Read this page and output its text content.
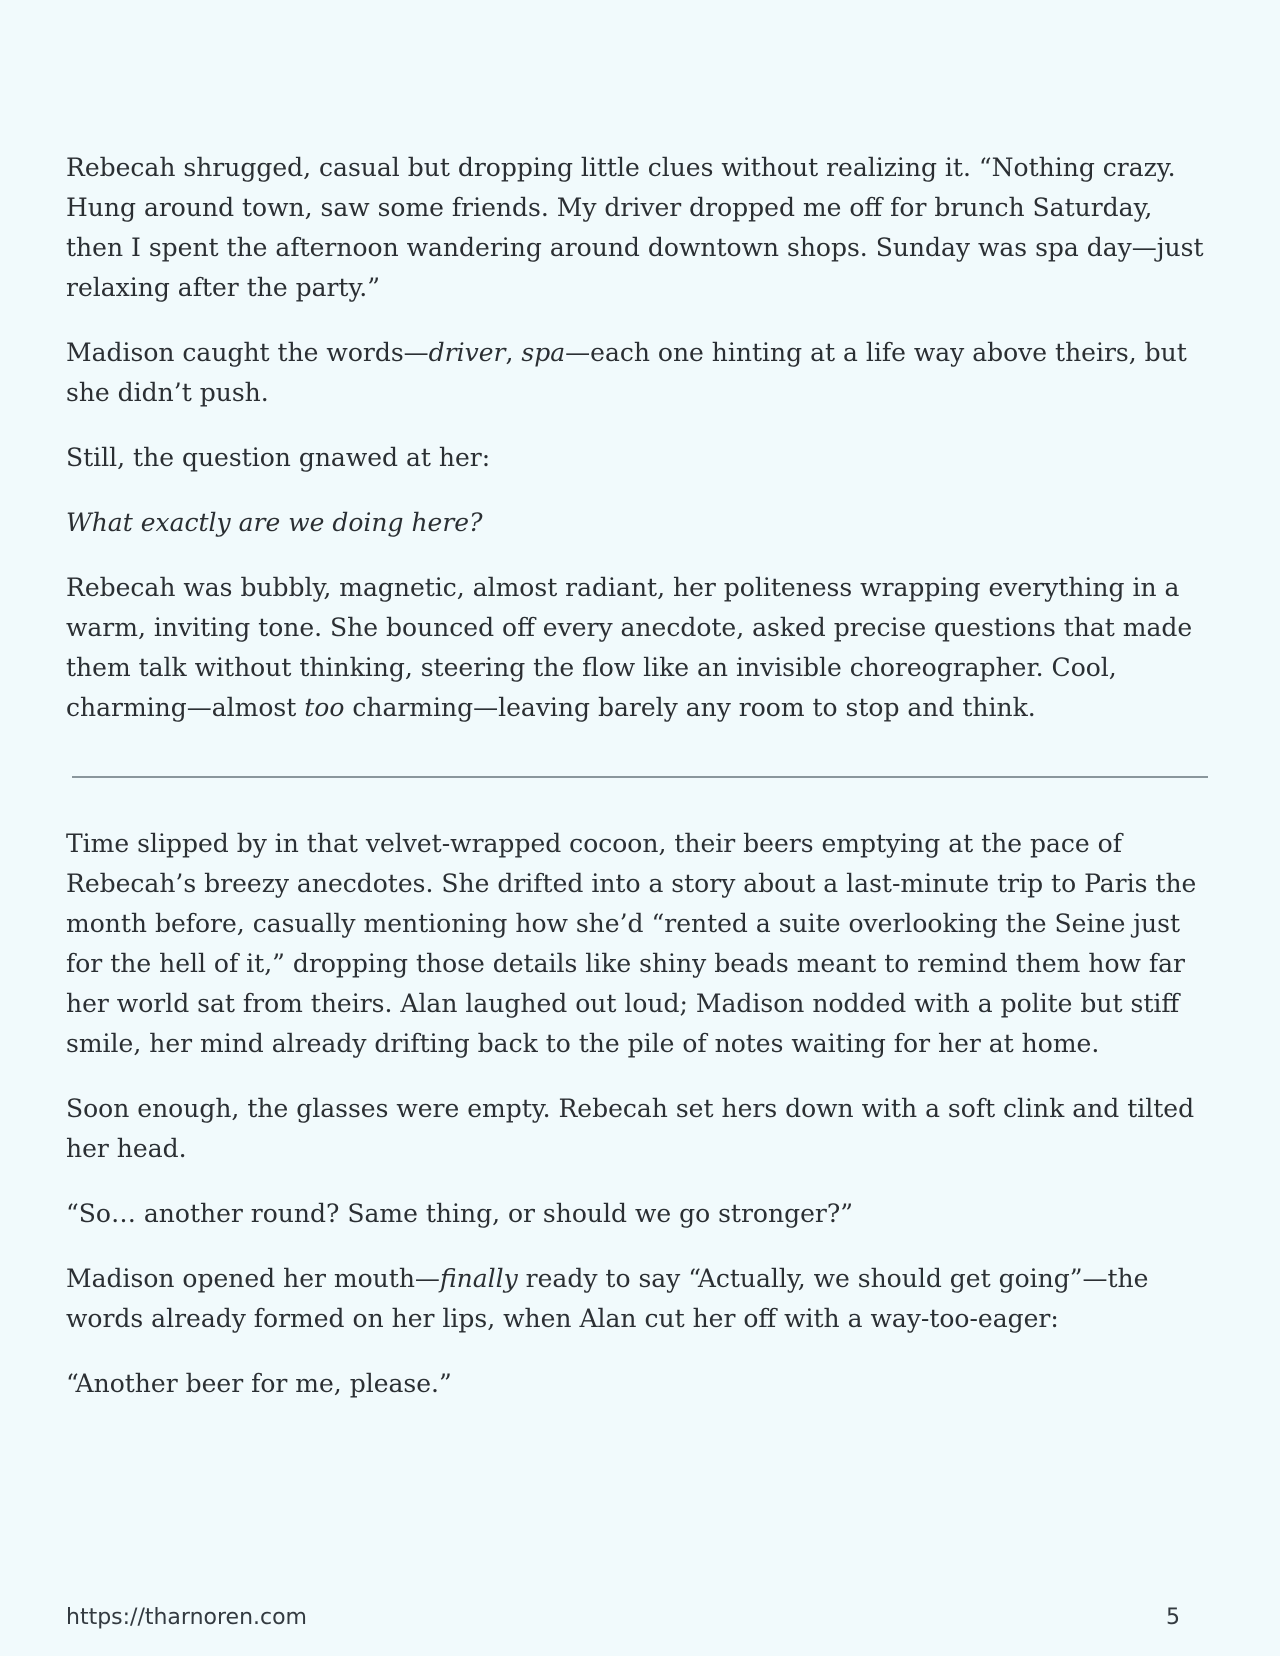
Rebecah shrugged, casual but dropping little clues without realizing it. “Nothing crazy. Hung around town, saw some friends. My driver dropped me off for brunch Saturday, then I spent the afternoon wandering around downtown shops. Sunday was spa day—just relaxing after the party.”

Madison caught the words—driver, spa—each one hinting at a life way above theirs, but she didn’t push.

Still, the question gnawed at her:

What exactly are we doing here?

Rebecah was bubbly, magnetic, almost radiant, her politeness wrapping everything in a warm, inviting tone. She bounced off every anecdote, asked precise questions that made them talk without thinking, steering the flow like an invisible choreographer. Cool, charming—almost too charming—leaving barely any room to stop and think.

Time slipped by in that velvet-wrapped cocoon, their beers emptying at the pace of Rebecah’s breezy anecdotes. She drifted into a story about a last-minute trip to Paris the month before, casually mentioning how she’d “rented a suite overlooking the Seine just for the hell of it,” dropping those details like shiny beads meant to remind them how far her world sat from theirs. Alan laughed out loud; Madison nodded with a polite but stiff smile, her mind already drifting back to the pile of notes waiting for her at home.

Soon enough, the glasses were empty. Rebecah set hers down with a soft clink and tilted her head.

“So… another round? Same thing, or should we go stronger?”

Madison opened her mouth—finally ready to say “Actually, we should get going”—the words already formed on her lips, when Alan cut her off with a way-too-eager:

“Another beer for me, please.”

https://tharnoren.com	5
